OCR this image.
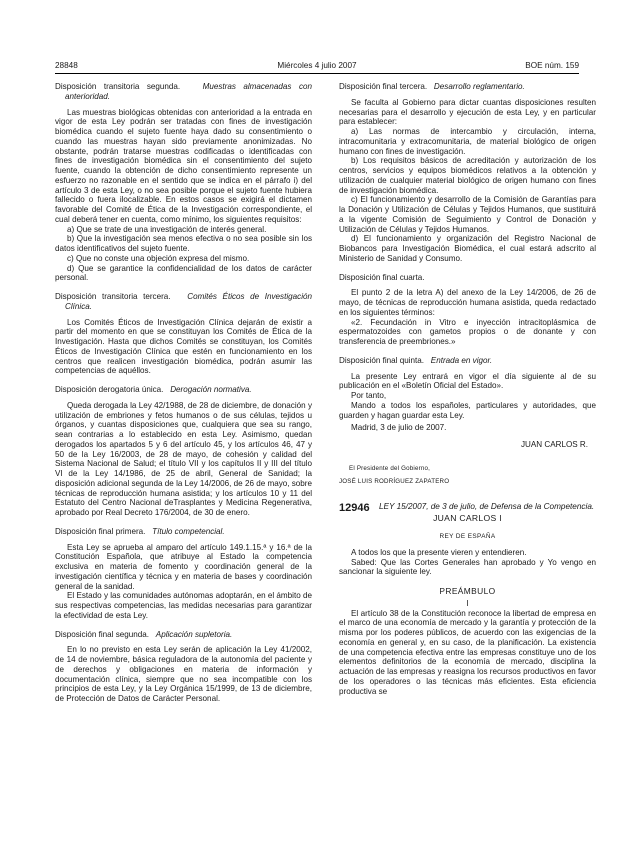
28848	Miércoles 4 julio 2007	BOE núm. 159

Disposición transitoria segunda.	Muestras almacenadas con anterioridad.

Las muestras biológicas obtenidas con anterioridad a la entrada en vigor de esta Ley podrán ser tratadas con fines de investigación biomédica cuando el sujeto fuente haya dado su consentimiento o cuando las muestras hayan sido previamente anonimizadas. No obstante, podrán tratarse muestras codificadas o identificadas con fines de investigación biomédica sin el consentimiento del sujeto fuente, cuando la obtención de dicho consentimiento represente un esfuerzo no razonable en el sentido que se indica en el párrafo i) del artículo 3 de esta Ley, o no sea posible porque el sujeto fuente hubiera fallecido o fuera ilocalizable. En estos casos se exigirá el dictamen favorable del Comité de Ética de la Investigación correspondiente, el cual deberá tener en cuenta, como mínimo, los siguientes requisitos:

a) Que se trate de una investigación de interés general.

b) Que la investigación sea menos efectiva o no sea posible sin los datos identificativos del sujeto fuente.

c) Que no conste una objeción expresa del mismo.

d) Que se garantice la confidencialidad de los datos de carácter personal.

Disposición transitoria tercera. Comités Éticos de Investigación Clínica.

Los Comités Éticos de Investigación Clínica dejarán de existir a partir del momento en que se constituyan los Comités de Ética de la Investigación. Hasta que dichos Comités se constituyan, los Comités Éticos de Investigación Clínica que estén en funcionamiento en los centros que realicen investigación biomédica, podrán asumir las competencias de aquéllos.

Disposición derogatoria única. Derogación normativa.

Queda derogada la Ley 42/1988, de 28 de diciembre, de donación y utilización de embriones y fetos humanos o de sus células, tejidos u órganos, y cuantas disposiciones que, cualquiera que sea su rango, sean contrarias a lo establecido en esta Ley. Asimismo, quedan derogados los apartados 5 y 6 del artículo 45, y los artículos 46, 47 y 50 de la Ley 16/2003, de 28 de mayo, de cohesión y calidad del Sistema Nacional de Salud; el título VII y los capítulos II y III del título VI de la Ley 14/1986, de 25 de abril, General de Sanidad; la disposición adicional segunda de la Ley 14/2006, de 26 de mayo, sobre técnicas de reproducción humana asistida; y los artículos 10 y 11 del Estatuto del Centro Nacional deTrasplantes y Medicina Regenerativa, aprobado por Real Decreto 176/2004, de 30 de enero.

Disposición final primera. Título competencial.

Esta Ley se aprueba al amparo del artículo 149.1.15.ª y 16.ª de la Constitución Española, que atribuye al Estado la competencia exclusiva en materia de fomento y coordinación general de la investigación científica y técnica y en materia de bases y coordinación general de la sanidad.

El Estado y las comunidades autónomas adoptarán, en el ámbito de sus respectivas competencias, las medidas necesarias para garantizar la efectividad de esta Ley.

Disposición final segunda. Aplicación supletoria.

En lo no previsto en esta Ley serán de aplicación la Ley 41/2002, de 14 de noviembre, básica reguladora de la autonomía del paciente y de derechos y obligaciones en materia de información y documentación clínica, siempre que no sea incompatible con los principios de esta Ley, y la Ley Orgánica 15/1999, de 13 de diciembre, de Protección de Datos de Carácter Personal.

Disposición final tercera. Desarrollo reglamentario.

Se faculta al Gobierno para dictar cuantas disposiciones resulten necesarias para el desarrollo y ejecución de esta Ley, y en particular para establecer:

a) Las normas de intercambio y circulación, interna, intracomunitaria y extracomunitaria, de material biológico de origen humano con fines de investigación.

b) Los requisitos básicos de acreditación y autorización de los centros, servicios y equipos biomédicos relativos a la obtención y utilización de cualquier material biológico de origen humano con fines de investigación biomédica.

c) El funcionamiento y desarrollo de la Comisión de Garantías para la Donación y Utilización de Células y Tejidos Humanos, que sustituirá a la vigente Comisión de Seguimiento y Control de Donación y Utilización de Células y Tejidos Humanos.

d) El funcionamiento y organización del Registro Nacional de Biobancos para Investigación Biomédica, el cual estará adscrito al Ministerio de Sanidad y Consumo.

Disposición final cuarta.

El punto 2 de la letra A) del anexo de la Ley 14/2006, de 26 de mayo, de técnicas de reproducción humana asistida, queda redactado en los siguientes términos:

«2. Fecundación in Vitro e inyección intracitoplásmica de espermatozoides con gametos propios o de donante y con transferencia de preembriones.»

Disposición final quinta. Entrada en vigor.

La presente Ley entrará en vigor el día siguiente al de su publicación en el «Boletín Oficial del Estado».

Por tanto,

Mando a todos los españoles, particulares y autoridades, que guarden y hagan guardar esta Ley.

Madrid, 3 de julio de 2007.

JUAN CARLOS R.

El Presidente del Gobierno,

JOSÉ LUIS RODRÍGUEZ ZAPATERO

12946	LEY 15/2007, de 3 de julio, de Defensa de la Competencia.

JUAN CARLOS I

REY DE ESPAÑA

A todos los que la presente vieren y entendieren.

Sabed: Que las Cortes Generales han aprobado y Yo vengo en sancionar la siguiente ley.

PREÁMBULO

I

El artículo 38 de la Constitución reconoce la libertad de empresa en el marco de una economía de mercado y la garantía y protección de la misma por los poderes públicos, de acuerdo con las exigencias de la economía en general y, en su caso, de la planificación. La existencia de una competencia efectiva entre las empresas constituye uno de los elementos definitorios de la economía de mercado, disciplina la actuación de las empresas y reasigna los recursos productivos en favor de los operadores o las técnicas más eficientes. Esta eficiencia productiva se
